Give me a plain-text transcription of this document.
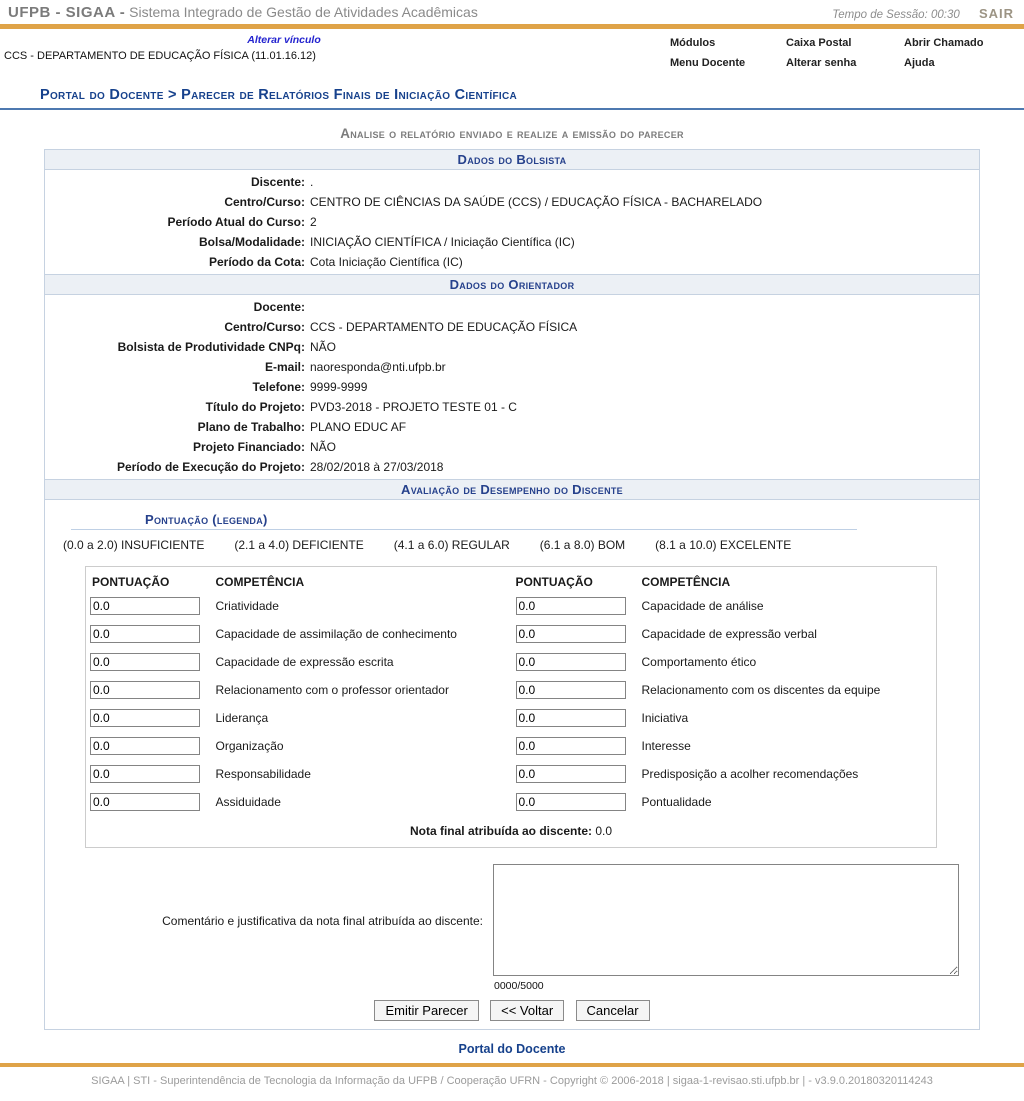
UFPB - SIGAA - Sistema Integrado de Gestão de Atividades Acadêmicas	Tempo de Sessão: 00:30 SAIR
Alterar vínculo
CCS - DEPARTAMENTO DE EDUCAÇÃO FÍSICA (11.01.16.12)
Módulos	Caixa Postal	Abrir Chamado
Menu Docente	Alterar senha	Ajuda
Portal do Docente > Parecer de Relatórios Finais de Iniciação Científica
Analise o relatório enviado e realize a emissão do parecer
Dados do Bolsista
Discente:	.
Centro/Curso:	CENTRO DE CIÊNCIAS DA SAÚDE (CCS) / EDUCAÇÃO FÍSICA - BACHARELADO
Período Atual do Curso:	2
Bolsa/Modalidade:	INICIAÇÃO CIENTÍFICA / Iniciação Científica (IC)
Período da Cota:	Cota Iniciação Científica (IC)
Dados do Orientador
Docente:	
Centro/Curso:	CCS - DEPARTAMENTO DE EDUCAÇÃO FÍSICA
Bolsista de Produtividade CNPq:	NÃO
E-mail:	naoresponda@nti.ufpb.br
Telefone:	9999-9999
Título do Projeto:	PVD3-2018 - PROJETO TESTE 01 - C
Plano de Trabalho:	PLANO EDUC AF
Projeto Financiado:	NÃO
Período de Execução do Projeto:	28/02/2018 à 27/03/2018
Avaliação de Desempenho do Discente
Pontuação (legenda)
(0.0 a 2.0) INSUFICIENTE	(2.1 a 4.0) DEFICIENTE	(4.1 a 6.0) REGULAR	(6.1 a 8.0) BOM	(8.1 a 10.0) EXCELENTE
PONTUAÇÃO	COMPETÊNCIA	PONTUAÇÃO	COMPETÊNCIA
0.0	Criatividade	0.0	Capacidade de análise
0.0	Capacidade de assimilação de conhecimento	0.0	Capacidade de expressão verbal
0.0	Capacidade de expressão escrita	0.0	Comportamento ético
0.0	Relacionamento com o professor orientador	0.0	Relacionamento com os discentes da equipe
0.0	Liderança	0.0	Iniciativa
0.0	Organização	0.0	Interesse
0.0	Responsabilidade	0.0	Predisposição a acolher recomendações
0.0	Assiduidade	0.0	Pontualidade
Nota final atribuída ao discente: 0.0			
Comentário e justificativa da nota final atribuída ao discente:
0000/5000
Emitir Parecer	<< Voltar	Cancelar
Portal do Docente
SIGAA | STI - Superintendência de Tecnologia da Informação da UFPB / Cooperação UFRN - Copyright © 2006-2018 | sigaa-1-revisao.sti.ufpb.br | - v3.9.0.20180320114243
